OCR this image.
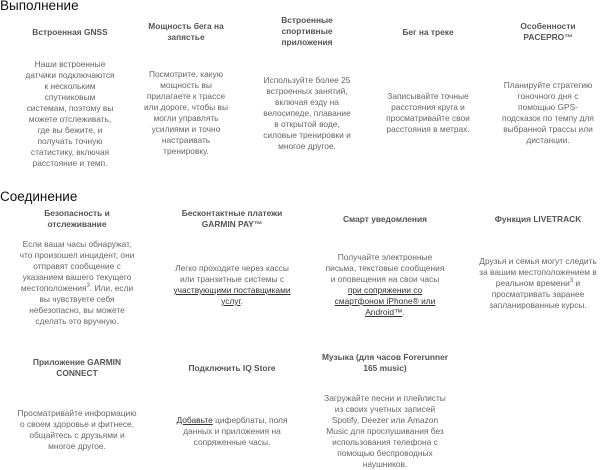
Выполнение
Встроенная GNSS
Наши встроенные
датчики подключаются
к нескольким
спутниковым
системам, поэтому вы
можете отслеживать,
где вы бежите, и
получать точную
статистику, включая
расстояние и темп.
Мощность бега на запястье
Посмотрите, какую
мощность вы
прилагаете к трассе
или дороге, чтобы вы
могли управлять
усилиями и точно
настраивать
тренировку.
Встроенные спортивные приложения
Используйте более 25
встроенных занятий,
включая езду на
велосипеде, плавание
в открытой воде,
силовые тренировки и
многое другое.
Бег на треке
Записывайте точные
расстояния круга и
просматривайте свои
расстояния в метрах.
Особенности PACEPRO™
Планируйте стратегию
гоночного дня с
помощью GPS-
подсказок по темпу для
выбранной трассы или
дистанции.
Соединение
Безопасность и отслеживание
Если ваши часы обнаружат,
что произошел инцидент, они
отправят сообщение с
указанием вашего текущего
местоположения$^3$. Или, если
вы чувствуете себя
небезопасно, вы можете
сделать это вручную.
Бесконтактные платежи GARMIN PAY™
Легко проходите через кассы
или транзитные системы с
участвующими поставщиками
услуг.
Смарт уведомления
Получайте электронные
письма, текстовые сообщения
и оповещения на свои часы
при сопряжении со
смартфоном iPhone® или
Android™.
Функция LIVETRACK
Друзья и семья могут следить
за вашим местоположением в
реальном времени$^3$ и
просматривать заранее
запланированные курсы.
Приложение GARMIN CONNECT
Просматривайте информацию
о своем здоровье и фитнесе,
общайтесь с друзьями и
многое другое.
Подключить IQ Store
Добавьте циферблаты, поля
данных и приложения на
сопряженные часы.
Музыка (для часов Forerunner 165 music)
Загружайте песни и плейлисты
из своих учетных записей
Spotify, Deezer или Amazon
Music для прослушивания без
использования телефона с
помощью беспроводных
наушников.
